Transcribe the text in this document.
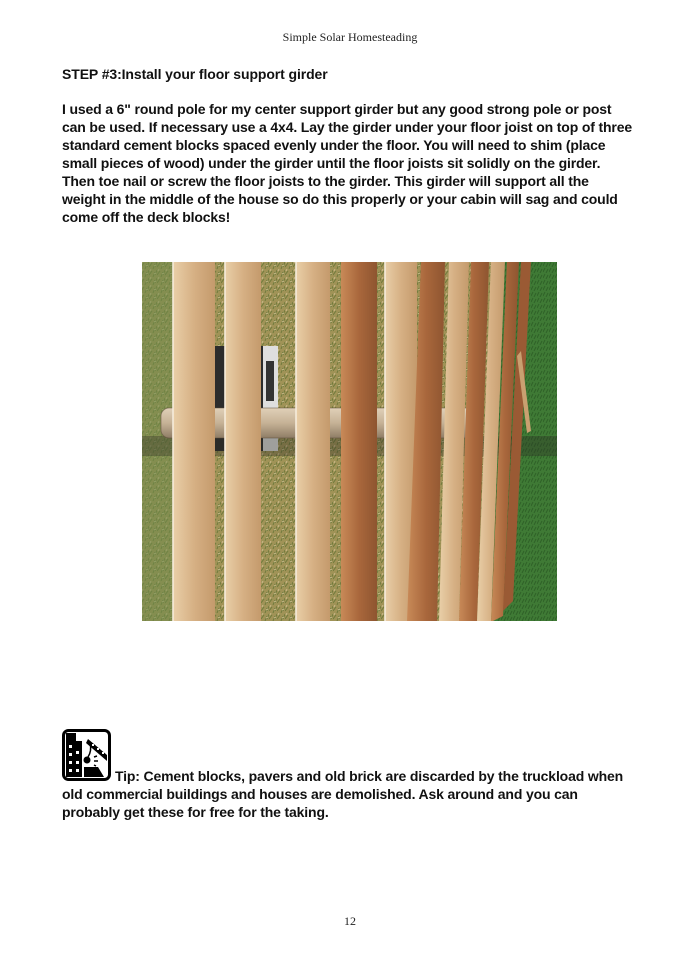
Simple Solar Homesteading
STEP #3:Install your floor support girder
I used a 6" round pole for my center support girder but any good strong pole or post
can be used. If necessary use a 4x4. Lay the girder under your floor joist on top of three
standard cement blocks spaced evenly under the floor. You will need to shim (place
small pieces of wood) under the girder until the floor joists sit solidly on the girder.
Then toe nail or screw the floor joists to the girder. This girder will support all the
weight in the middle of the house so do this properly or your cabin will sag and could
come off the deck blocks!
Tip: Cement blocks, pavers and old brick are discarded by the truckload when
old commercial buildings and houses are demolished. Ask around and you can
probably get these for free for the taking.
12
